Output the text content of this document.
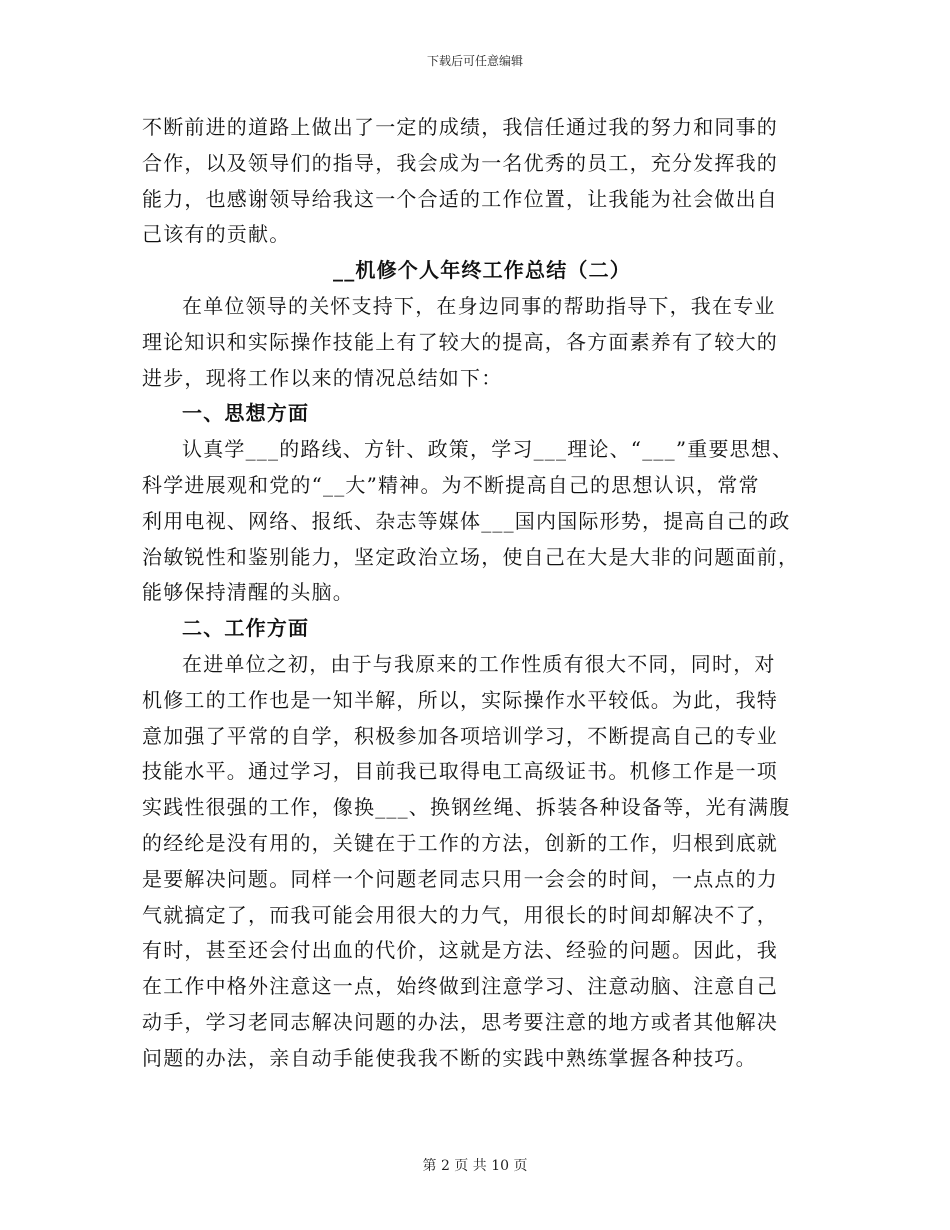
下载后可任意编辑
不断前进的道路上做出了一定的成绩，我信任通过我的努力和同事的
合作，以及领导们的指导，我会成为一名优秀的员工，充分发挥我的
能力，也感谢领导给我这一个合适的工作位置，让我能为社会做出自
己该有的贡献。
__机修个人年终工作总结（二）
在单位领导的关怀支持下，在身边同事的帮助指导下，我在专业
理论知识和实际操作技能上有了较大的提高，各方面素养有了较大的
进步，现将工作以来的情况总结如下：
一、思想方面
认真学___的路线、方针、政策，学习___理论、“___”重要思想、
科学进展观和党的“__大”精神。为不断提高自己的思想认识，常常
利用电视、网络、报纸、杂志等媒体___国内国际形势，提高自己的政
治敏锐性和鉴别能力，坚定政治立场，使自己在大是大非的问题面前，
能够保持清醒的头脑。
二、工作方面
在进单位之初，由于与我原来的工作性质有很大不同，同时，对
机修工的工作也是一知半解，所以，实际操作水平较低。为此，我特
意加强了平常的自学，积极参加各项培训学习，不断提高自己的专业
技能水平。通过学习，目前我已取得电工高级证书。机修工作是一项
实践性很强的工作，像换___、换钢丝绳、拆装各种设备等，光有满腹
的经纶是没有用的，关键在于工作的方法，创新的工作，归根到底就
是要解决问题。同样一个问题老同志只用一会会的时间，一点点的力
气就搞定了，而我可能会用很大的力气，用很长的时间却解决不了，
有时，甚至还会付出血的代价，这就是方法、经验的问题。因此，我
在工作中格外注意这一点，始终做到注意学习、注意动脑、注意自己
动手，学习老同志解决问题的办法，思考要注意的地方或者其他解决
问题的办法，亲自动手能使我我不断的实践中熟练掌握各种技巧。
第 2 页 共 10 页
